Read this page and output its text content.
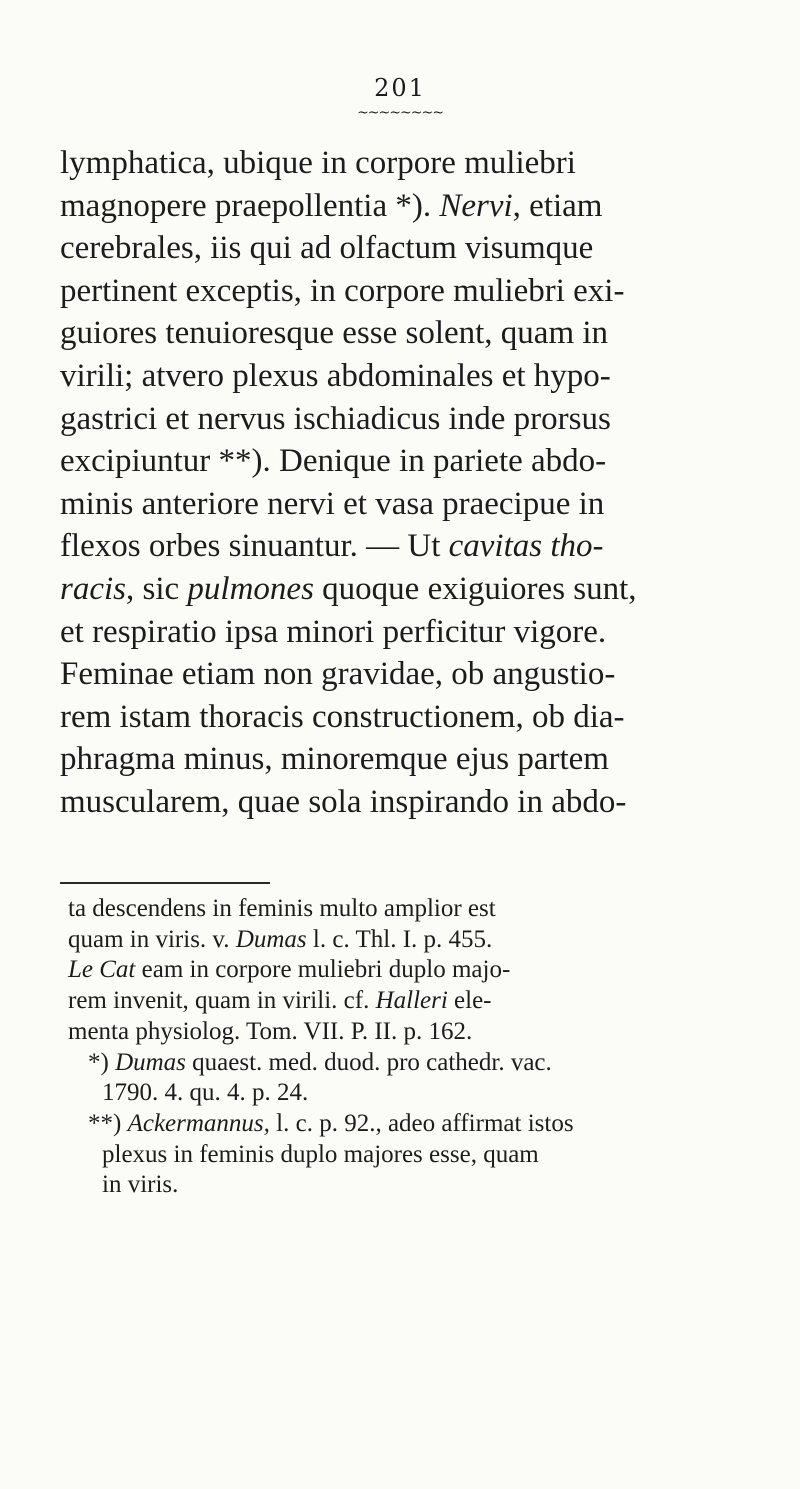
201
~~~~~~~~
lymphatica, ubique in corpore muliebri
magnopere praepollentia *). Nervi, etiam
cerebrales, iis qui ad olfactum visumque
pertinent exceptis, in corpore muliebri exi-
guiores tenuioresque esse solent, quam in
virili; atvero plexus abdominales et hypo-
gastrici et nervus ischiadicus inde prorsus
excipiuntur **). Denique in pariete abdo-
minis anteriore nervi et vasa praecipue in
flexos orbes sinuantur. — Ut cavitas tho-
racis, sic pulmones quoque exiguiores sunt,
et respiratio ipsa minori perficitur vigore.
Feminae etiam non gravidae, ob angustio-
rem istam thoracis constructionem, ob dia-
phragma minus, minoremque ejus partem
muscularem, quae sola inspirando in abdo-
ta descendens in feminis multo amplior est
quam in viris. v. Dumas l. c. Thl. I. p. 455.
Le Cat eam in corpore muliebri duplo majo-
rem invenit, quam in virili. cf. Halleri ele-
menta physiolog. Tom. VII. P. II. p. 162.
*) Dumas quaest. med. duod. pro cathedr. vac.
1790. 4. qu. 4. p. 24.
**) Ackermannus, l. c. p. 92., adeo affirmat istos
plexus in feminis duplo majores esse, quam
in viris.
